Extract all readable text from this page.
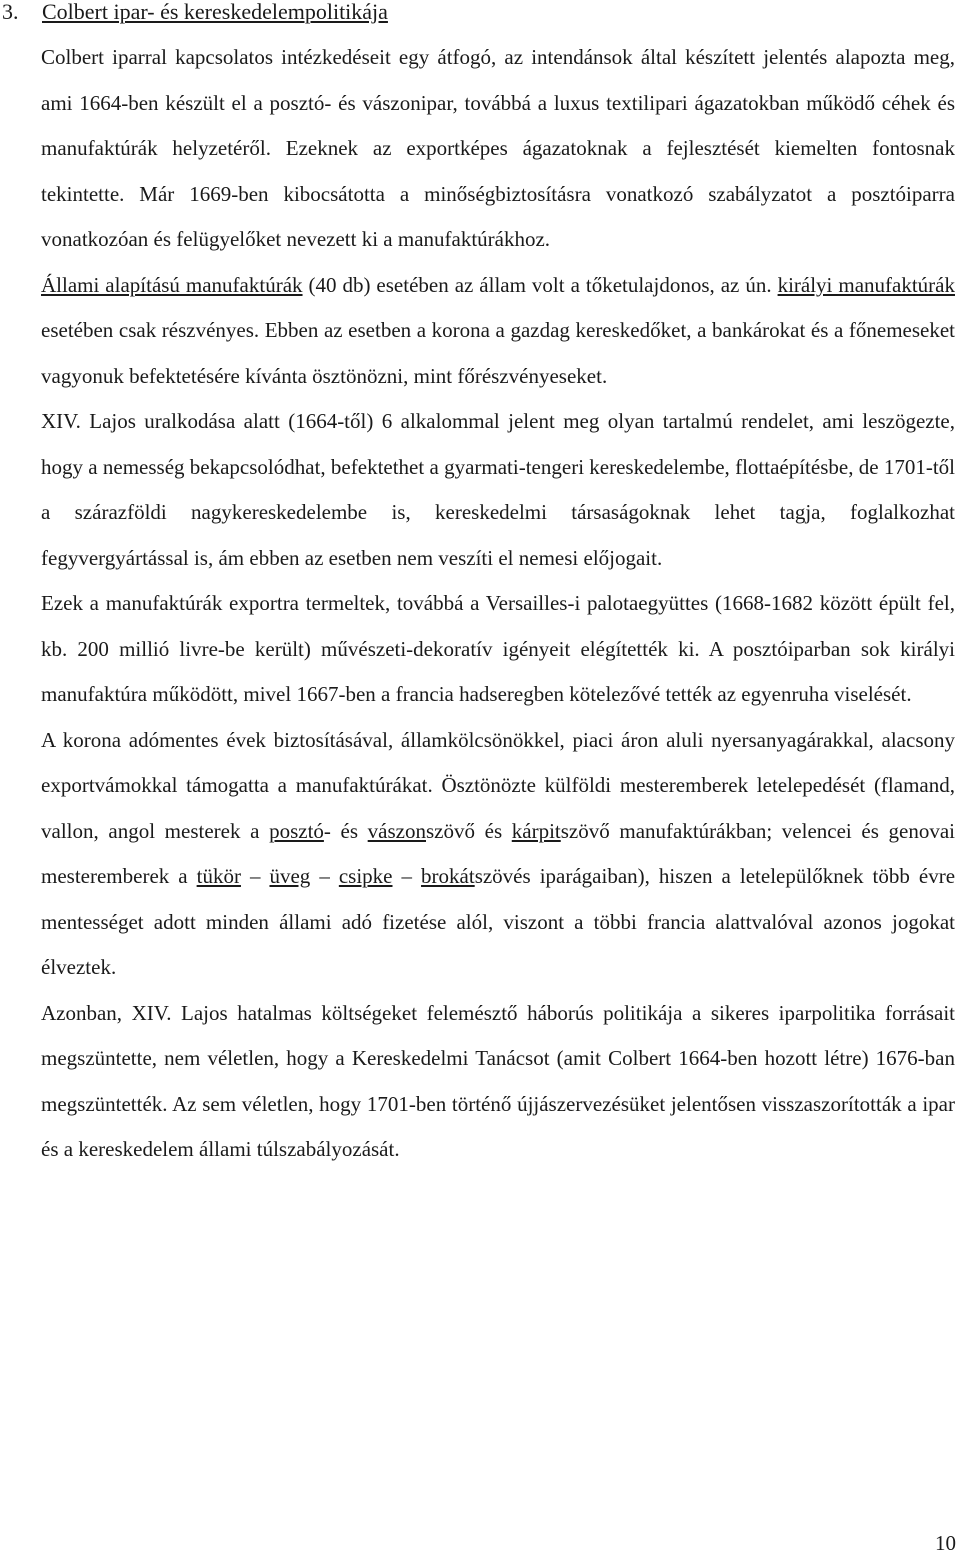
3. Colbert ipar- és kereskedelempolitikája

Colbert iparral kapcsolatos intézkedéseit egy átfogó, az intendánsok által készített jelentés alapozta meg, ami 1664-ben készült el a posztó- és vászonipar, továbbá a luxus textilipari ágazatokban működő céhek és manufaktúrák helyzetéről. Ezeknek az exportképes ágazatoknak a fejlesztését kiemelten fontosnak tekintette. Már 1669-ben kibocsátotta a minőségbiztosításra vonatkozó szabályzatot a posztóiparra vonatkozóan és felügyelőket nevezett ki a manufaktúrákhoz.

Állami alapítású manufaktúrák (40 db) esetében az állam volt a tőketulajdonos, az ún. királyi manufaktúrák esetében csak részvényes. Ebben az esetben a korona a gazdag kereskedőket, a bankárokat és a főnemeseket vagyonuk befektetésére kívánta ösztönözni, mint főrészvényeseket.

XIV. Lajos uralkodása alatt (1664-től) 6 alkalommal jelent meg olyan tartalmú rendelet, ami leszögezte, hogy a nemesség bekapcsolódhat, befektethet a gyarmati-tengeri kereskedelembe, flottaépítésbe, de 1701-től a szárazföldi nagykereskedelembe is, kereskedelmi társaságoknak lehet tagja, foglalkozhat fegyvergyártással is, ám ebben az esetben nem veszíti el nemesi előjogait.

Ezek a manufaktúrák exportra termeltek, továbbá a Versailles-i palotaegyüttes (1668-1682 között épült fel, kb. 200 millió livre-be került) művészeti-dekoratív igényeit elégítették ki. A posztóiparban sok királyi manufaktúra működött, mivel 1667-ben a francia hadseregben kötelezővé tették az egyenruha viselését.

A korona adómentes évek biztosításával, államkölcsönökkel, piaci áron aluli nyersanyagárakkal, alacsony exportvámokkal támogatta a manufaktúrákat. Ösztönözte külföldi mesteremberek letelepedését (flamand, vallon, angol mesterek a posztó- és vászonszövő és kárpitszövő manufaktúrákban; velencei és genovai mesteremberek a tükör – üveg – csipke – brokátszövés iparágaiban), hiszen a letelepülőknek több évre mentességet adott minden állami adó fizetése alól, viszont a többi francia alattvalóval azonos jogokat élveztek.

Azonban, XIV. Lajos hatalmas költségeket felemésztő háborús politikája a sikeres iparpolitika forrásait megszüntette, nem véletlen, hogy a Kereskedelmi Tanácsot (amit Colbert 1664-ben hozott létre) 1676-ban megszüntették. Az sem véletlen, hogy 1701-ben történő újjászervezésüket jelentősen visszaszorították a ipar és a kereskedelem állami túlszabályozását.

10
